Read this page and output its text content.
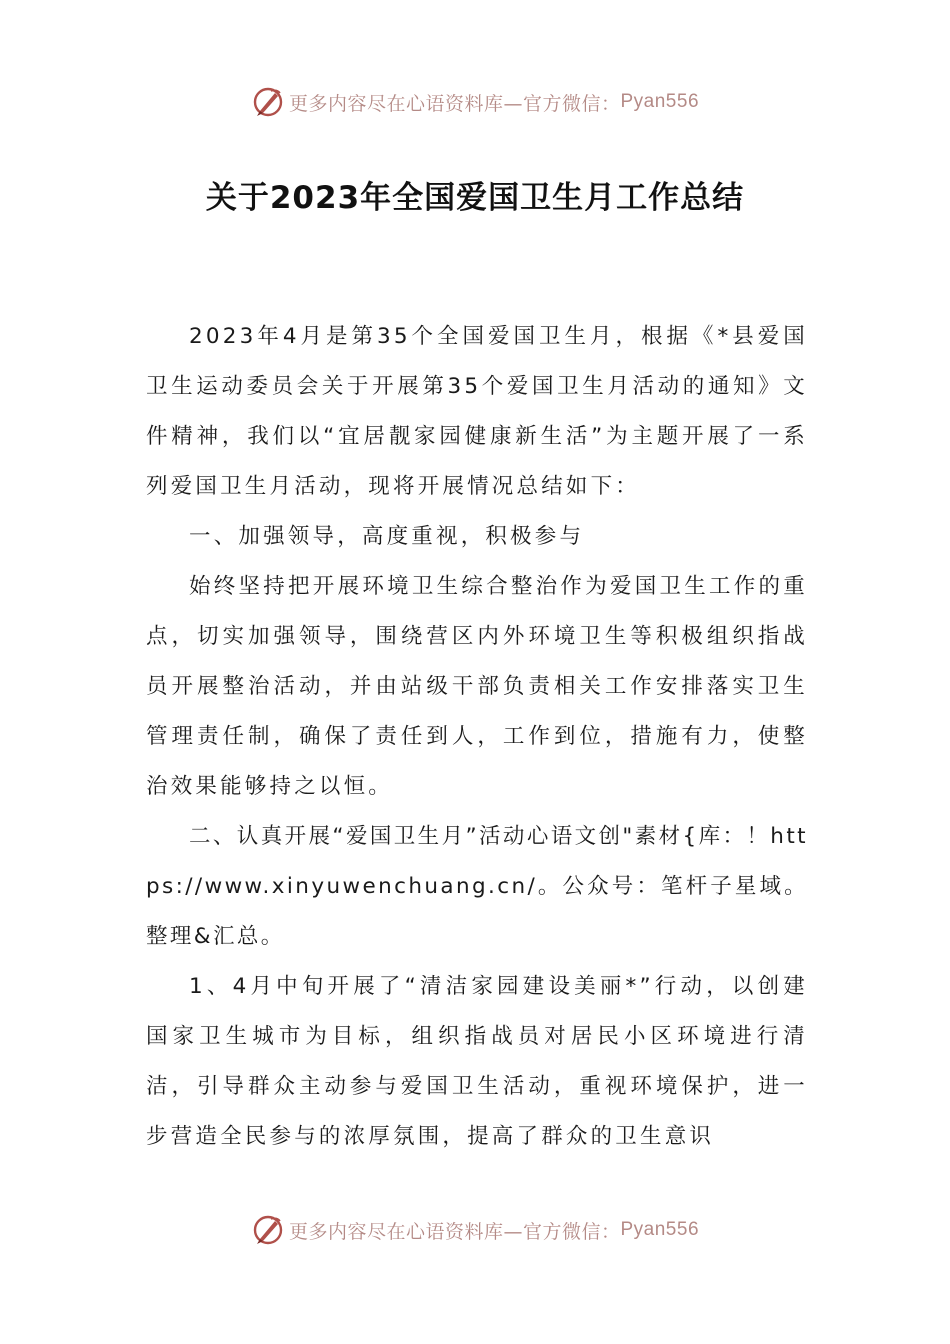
更多内容尽在心语资料库—官方微信： Pyan556
关于2023年全国爱国卫生月工作总结

2023年4月是第35个全国爱国卫生月，根据《*县爱国卫生运动委员会关于开展第35个爱国卫生月活动的通知》文件精神，我们以“宜居靓家园健康新生活”为主题开展了一系列爱国卫生月活动，现将开展情况总结如下：

一、加强领导，高度重视，积极参与

始终坚持把开展环境卫生综合整治作为爱国卫生工作的重点，切实加强领导，围绕营区内外环境卫生等积极组织指战员开展整治活动，并由站级干部负责相关工作安排落实卫生管理责任制，确保了责任到人，工作到位，措施有力，使整治效果能够持之以恒。

二、认真开展“爱国卫生月”活动心语文创"素材{库：！https://www.xinyuwenchuang.cn/。公众号：笔杆子星域。整理&汇总。

1、4月中旬开展了“清洁家园建设美丽*”行动，以创建国家卫生城市为目标，组织指战员对居民小区环境进行清洁，引导群众主动参与爱国卫生活动，重视环境保护，进一步营造全民参与的浓厚氛围，提高了群众的卫生意识

更多内容尽在心语资料库—官方微信： Pyan556
